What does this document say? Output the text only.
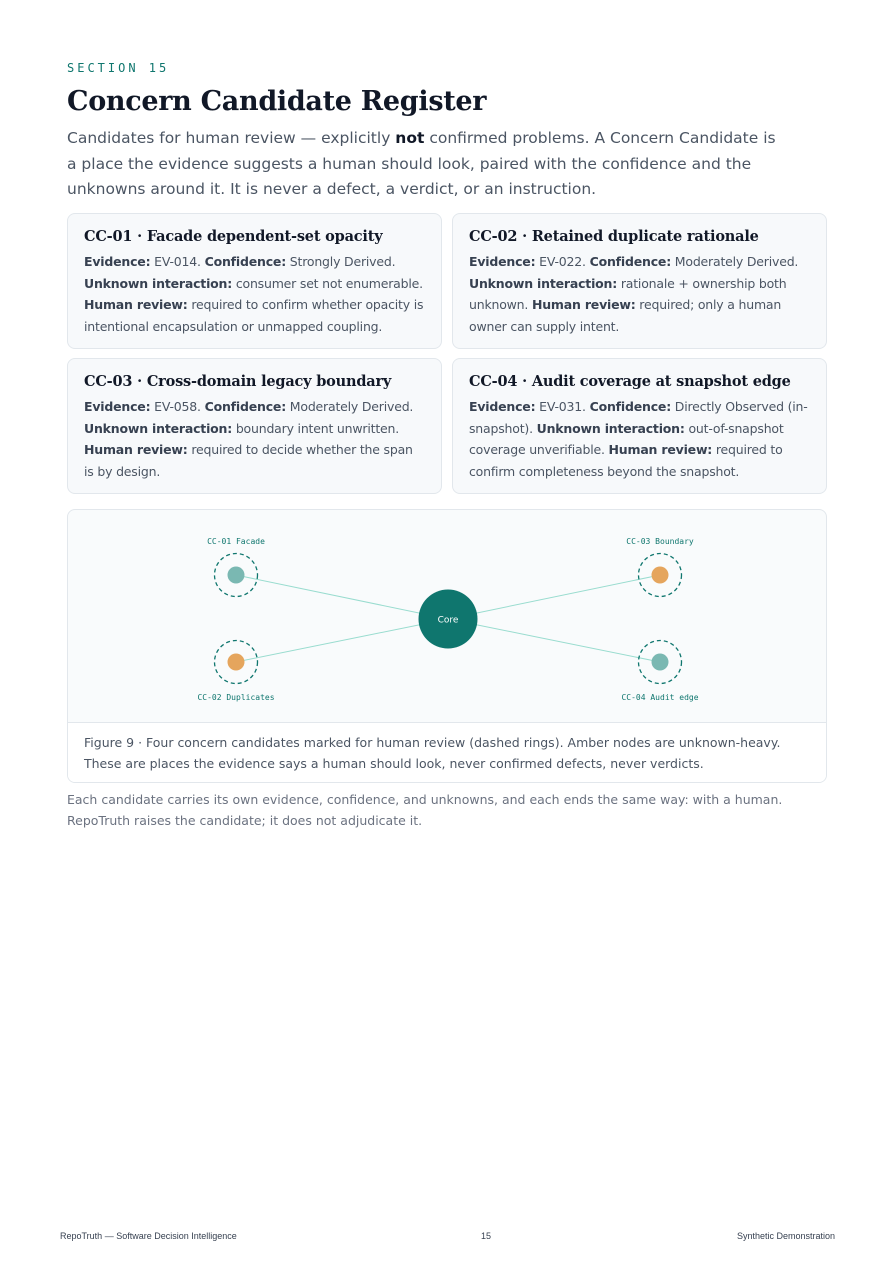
SECTION 15
Concern Candidate Register

Candidates for human review — explicitly not confirmed problems. A Concern Candidate is a place the evidence suggests a human should look, paired with the confidence and the unknowns around it. It is never a defect, a verdict, or an instruction.

CC-01 · Facade dependent-set opacity

Evidence: EV-014. Confidence: Strongly Derived. Unknown interaction: consumer set not enumerable. Human review: required to confirm whether opacity is intentional encapsulation or unmapped coupling.

CC-02 · Retained duplicate rationale

Evidence: EV-022. Confidence: Moderately Derived. Unknown interaction: rationale + ownership both unknown. Human review: required; only a human owner can supply intent.

CC-03 · Cross-domain legacy boundary

Evidence: EV-058. Confidence: Moderately Derived. Unknown interaction: boundary intent unwritten. Human review: required to decide whether the span is by design.

CC-04 · Audit coverage at snapshot edge

Evidence: EV-031. Confidence: Directly Observed (in-snapshot). Unknown interaction: out-of-snapshot coverage unverifiable. Human review: required to confirm completeness beyond the snapshot.

Core
CC-01 Facade
CC-02 Duplicates
CC-03 Boundary
CC-04 Audit edge

Figure 9 · Four concern candidates marked for human review (dashed rings). Amber nodes are unknown-heavy. These are places the evidence says a human should look, never confirmed defects, never verdicts.

Each candidate carries its own evidence, confidence, and unknowns, and each ends the same way: with a human. RepoTruth raises the candidate; it does not adjudicate it.

RepoTruth — Software Decision Intelligence	15	Synthetic Demonstration
